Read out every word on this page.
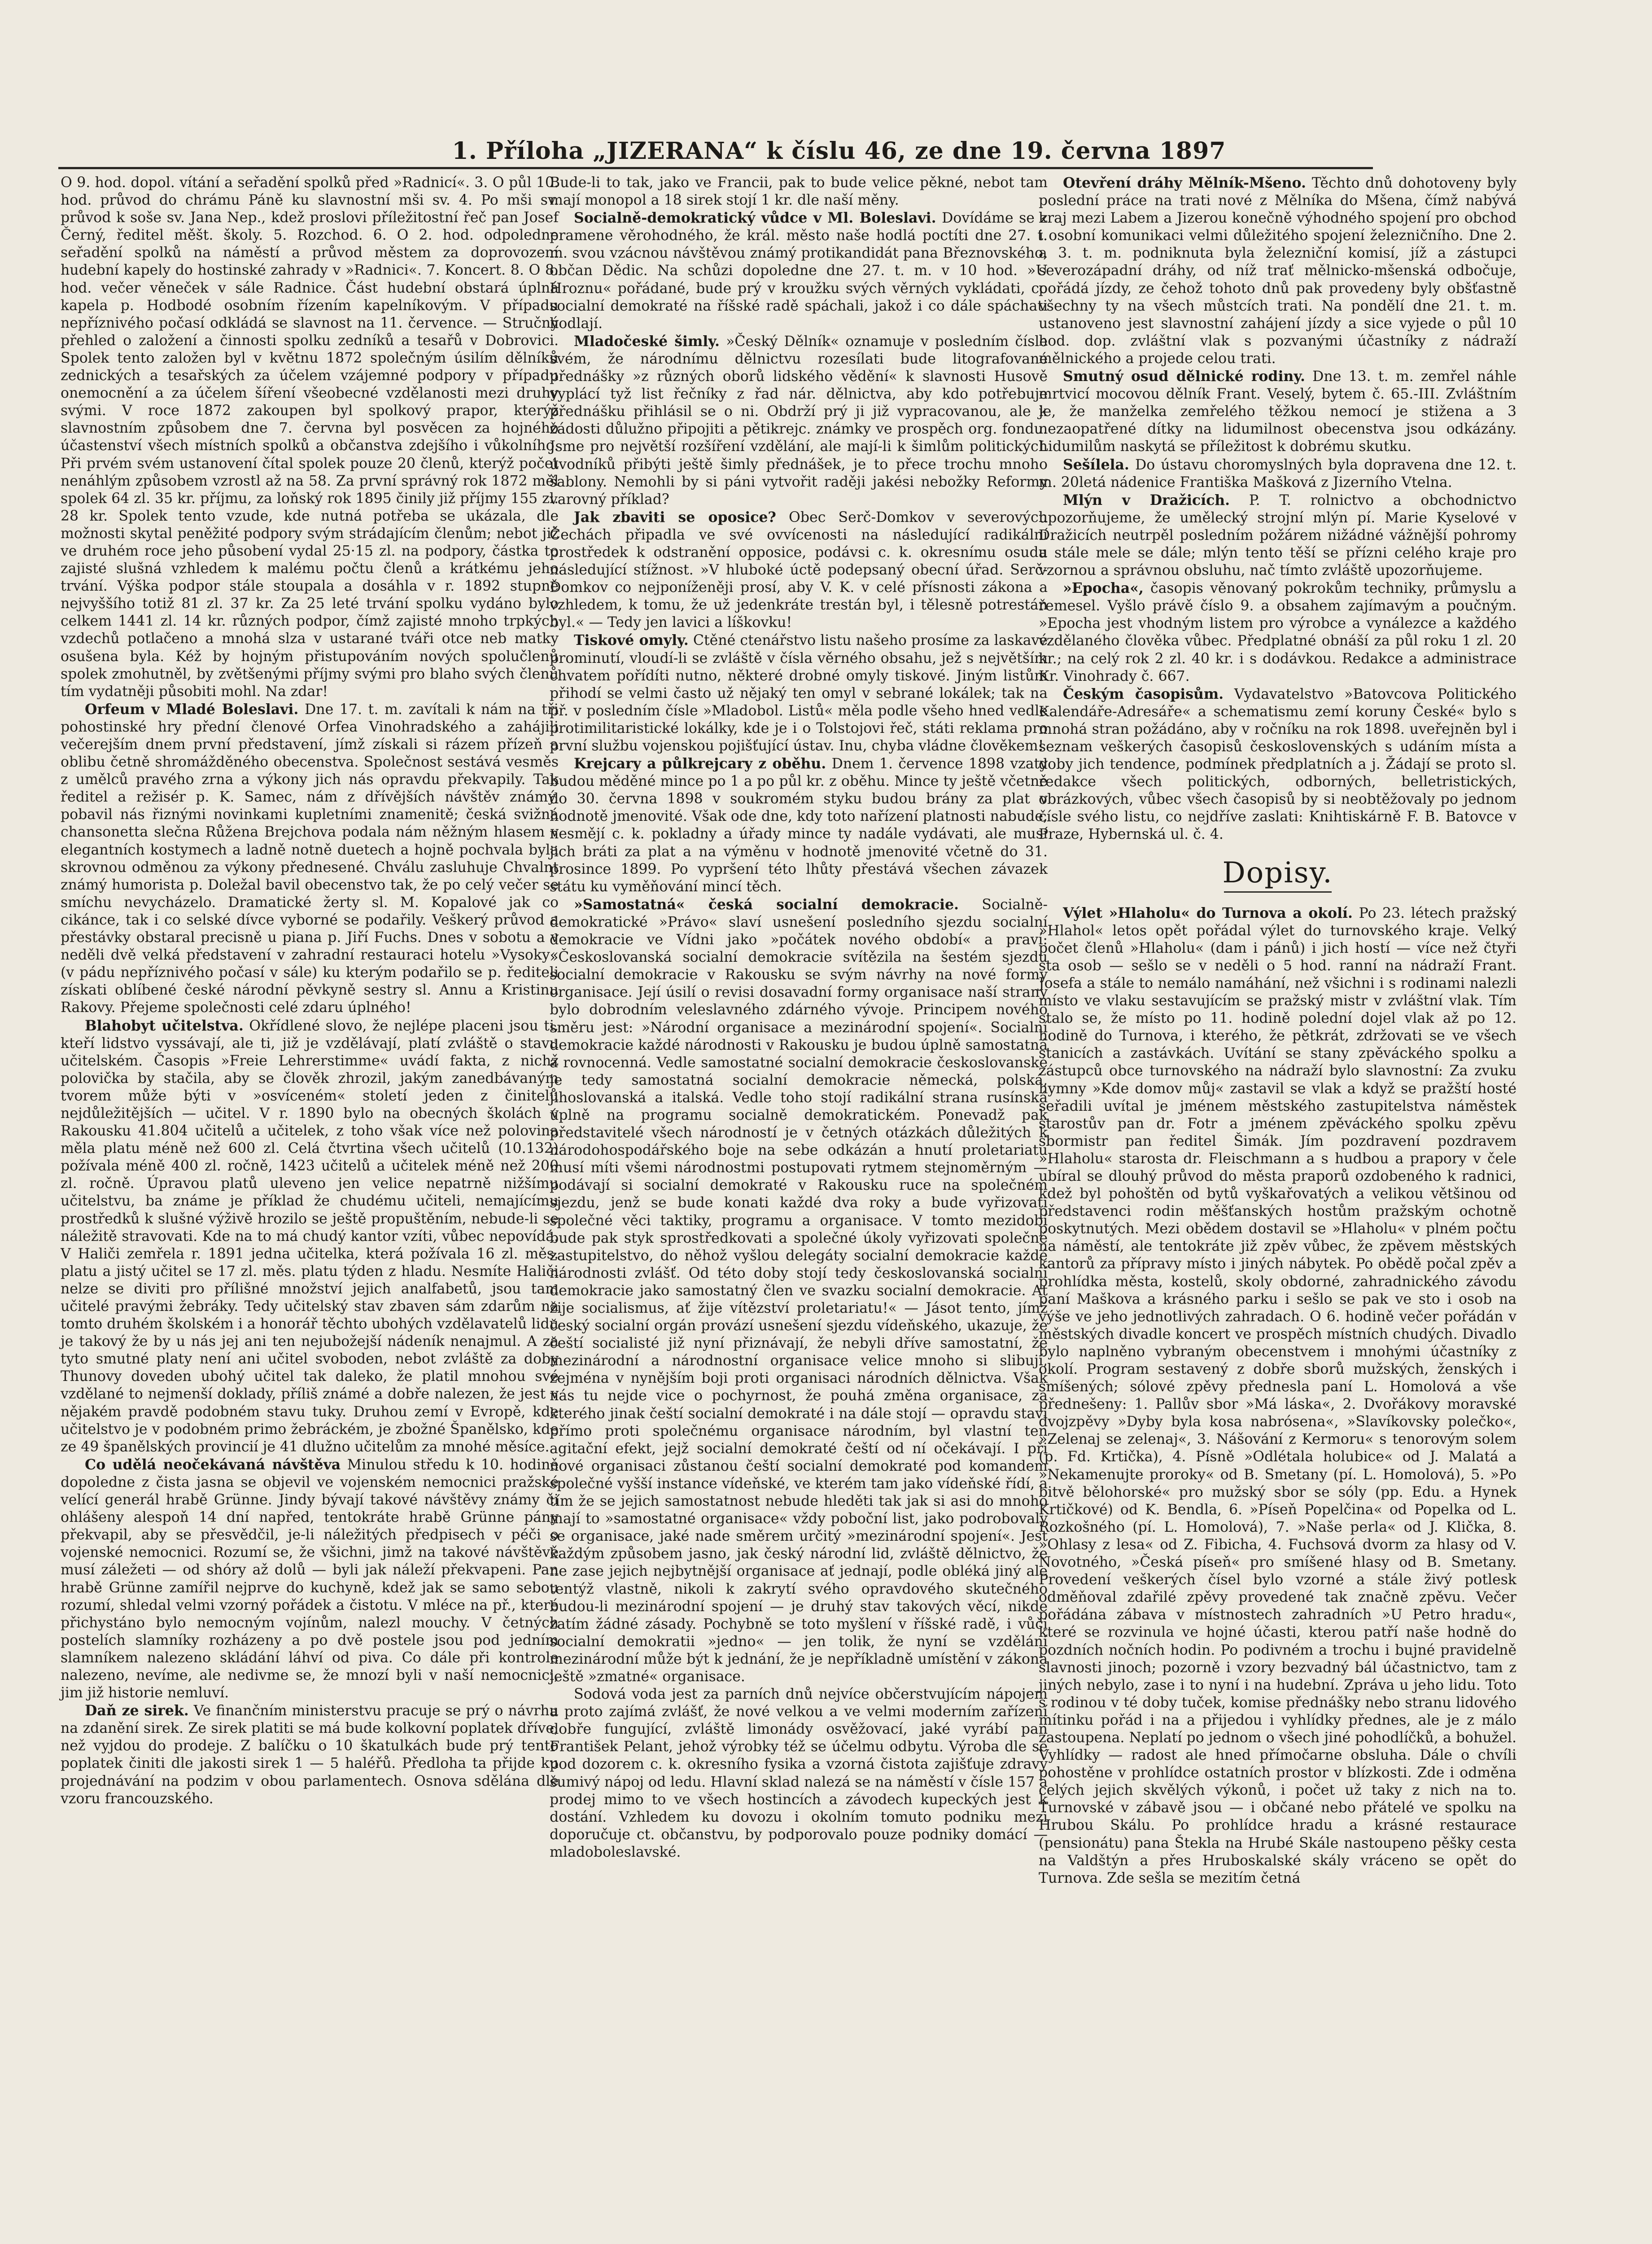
1. Příloha „JIZERANA“ k číslu 46, ze dne 19. června 1897

O 9. hod. dopol. vítání a seřadění spolků před »Radnicí«. 3. O půl 10. hod. průvod do chrámu Páně ku slavnostní mši sv. 4. Po mši sv. průvod k soše sv. Jana Nep., kdež proslovi příležitostní řeč pan Josef Černý, ředitel měšt. školy. 5. Rozchod. 6. O 2. hod. odpoledne seřadění spolků na náměstí a průvod městem za doprovození hudební kapely do hostinské zahrady v »Radnici«. 7. Koncert. 8. O 8. hod. večer věneček v sále Radnice. Část hudební obstará úplná kapela p. Hodbodé osobním řízením kapelníkovým. V případu nepříznivého počasí odkládá se slavnost na 11. července. — Stručný přehled o založení a činnosti spolku zedníků a tesařů v Dobrovici. Spolek tento založen byl v květnu 1872 společným úsilím dělníků zednických a tesařských za účelem vzájemné podpory v případu onemocnění a za účelem šíření všeobecné vzdělanosti mezi druhy svými. V roce 1872 zakoupen byl spolkový prapor, kterýž slavnostním způsobem dne 7. června byl posvěcen za hojného účastenství všech místních spolků a občanstva zdejšího i vůkolního. Při prvém svém ustanovení čítal spolek pouze 20 členů, kterýž počet nenáhlým způsobem vzrostl až na 58. Za první správný rok 1872 měl spolek 64 zl. 35 kr. příjmu, za loňský rok 1895 činily již příjmy 155 zl. 28 kr. Spolek tento vzude, kde nutná potřeba se ukázala, dle možnosti skytal peněžité podpory svým strádajícím členům; nebot již ve druhém roce jeho působení vydal 25·15 zl. na podpory, částka to zajisté slušná vzhledem k malému počtu členů a krátkému jeho trvání. Výška podpor stále stoupala a dosáhla v r. 1892 stupně nejvyššího totiž 81 zl. 37 kr. Za 25 leté trvání spolku vydáno bylo celkem 1441 zl. 14 kr. různých podpor, čímž zajisté mnoho trpkých vzdechů potlačeno a mnohá slza v ustarané tváři otce neb matky osušena byla. Kéž by hojným přistupováním nových spolučlenů spolek zmohutněl, by zvětšenými příjmy svými pro blaho svých členů tím vydatněji působiti mohl. Na zdar!

Orfeum v Mladé Boleslavi. Dne 17. t. m. zavítali k nám na tři pohostinské hry přední členové Orfea Vinohradského a zahájili večerejším dnem první představení, jímž získali si rázem přízeň a oblibu četně shromážděného obecenstva. Společnost sestává vesměs z umělců pravého zrna a výkony jich nás opravdu překvapily. Tak ředitel a režisér p. K. Samec, nám z dřívějších návštěv známý, pobavil nás řiznými novinkami kupletními znamenitě; česká svižná chansonetta slečna Růžena Brejchova podala nám něžným hlasem v elegantních kostymech a ladně notně duetech a hojně pochvala byla skrovnou odměnou za výkony přednesené. Chválu zasluhuje Chvalnt známý humorista p. Doležal bavil obecenstvo tak, že po celý večer se smíchu nevycházelo. Dramatické žerty sl. M. Kopalové jak co cikánce, tak i co selské dívce vyborné se podařily. Veškerý průvod a přestávky obstaral precisně u piana p. Jiří Fuchs. Dnes v sobotu a v neděli dvě velká představení v zahradní restauraci hotelu »Vysoky« (v pádu nepříznivého počasí v sále) ku kterým podařilo se p. řediteli získati oblíbené české národní pěvkyně sestry sl. Annu a Kristinu Rakovy. Přejeme společnosti celé zdaru úplného!

Blahobyt učitelstva. Okřídlené slovo, že nejlépe placeni jsou ti, kteří lidstvo vyssávají, ale ti, již je vzdělávají, platí zvláště o stavu učitelském. Časopis »Freie Lehrerstimme« uvádí fakta, z nichž polovička by stačila, aby se člověk zhrozil, jakým zanedbávaným tvorem může býti v »osvíceném« století jeden z činitelů nejdůležitějších — učitel. V r. 1890 bylo na obecných školách v Rakousku 41.804 učitelů a učitelek, z toho však více než polovina měla platu méně než 600 zl. Celá čtvrtina všech učitelů (10.132) požívala méně 400 zl. ročně, 1423 učitelů a učitelek méně než 200 zl. ročně. Úpravou platů uleveno jen velice nepatrně nižšímu učitelstvu, ba známe je příklad že chudému učiteli, nemajícímu prostředků k slušné výživě hrozilo se ještě propuštěním, nebude-li se náležitě stravovati. Kde na to má chudý kantor vzíti, vůbec nepovídá. V Haliči zemřela r. 1891 jedna učitelka, která požívala 16 zl. měs. platu a jistý učitel se 17 zl. měs. platu týden z hladu. Nesmíte Haliči nelze se diviti pro přílišné množství jejich analfabetů, jsou tam učitelé pravými žebráky. Tedy učitelský stav zbaven sám zdarům na tomto druhém školském i a honorář těchto ubohých vzdělavatelů lidu je takový že by u nás jej ani ten nejubožejší nádeník nenajmul. A za tyto smutné platy není ani učitel svoboden, nebot zvláště za doby Thunovy doveden ubohý učitel tak daleko, že platil mnohou své vzdělané to nejmenší doklady, příliš známé a dobře nalezen, že jest v nějakém pravdě podobném stavu tuky. Druhou zemí v Evropě, kde učitelstvo je v podobném primo žebráckém, je zbožné Španělsko, kde ze 49 španělských provincií je 41 dlužno učitelům za mnohé měsíce.

Co udělá neočekávaná návštěva Minulou středu k 10. hodině dopoledne z čista jasna se objevil ve vojenském nemocnici pražské velící generál hrabě Grünne. Jindy bývají takové návštěvy známy či ohlášeny alespoň 14 dní napřed, tentokráte hrabě Grünne pány překvapil, aby se přesvědčil, je-li náležitých předpisech v péči o vojenské nemocnici. Rozumí se, že všichni, jimž na takové návštěvě musí záležeti — od shóry až dolů — byli jak náleží překvapeni. Pan hrabě Grünne zamířil nejprve do kuchyně, kdež jak se samo sebou rozumí, shledal velmi vzorný pořádek a čistotu. V mléce na př., které přichystáno bylo nemocným vojínům, nalezl mouchy. V četných postelích slamníky rozházeny a po dvě postele jsou pod jedním slamníkem nalezeno skládání láhví od piva. Co dále při kontrole nalezeno, nevíme, ale nedivme se, že mnozí byli v naší nemocnici, jim již historie nemluví.

Daň ze sirek. Ve finančním ministerstvu pracuje se prý o návrhu na zdanění sirek. Ze sirek platiti se má bude kolkovní poplatek dříve, než vyjdou do prodeje. Z balíčku o 10 škatulkách bude prý tento poplatek činiti dle jakosti sirek 1 — 5 haléřů. Předloha ta přijde ku projednávání na podzim v obou parlamentech. Osnova sdělána dle vzoru francouzského.

Bude-li to tak, jako ve Francii, pak to bude velice pěkné, nebot tam mají monopol a 18 sirek stojí 1 kr. dle naší měny.

Socialně-demokratický vůdce v Ml. Boleslavi. Dovídáme se z pramene věrohodného, že král. město naše hodlá poctíti dne 27. t. m. svou vzácnou návštěvou známý protikandidát pana Březnovského, občan Dědic. Na schůzi dopoledne dne 27. t. m. v 10 hod. »U Hroznu« pořádané, bude prý v kroužku svých věrných vykládati, co socialní demokraté na říšské radě spáchali, jakož i co dále spáchati hodlají.

Mladočeské šimly. »Český Dělník« oznamuje v posledním čísle svém, že národnímu dělnictvu rozesílati bude litografované přednášky »z různých oborů lidského vědění« k slavnosti Husově vyplácí tyž list řečníky z řad nár. dělnictva, aby kdo potřebuje přednášku přihlásil se o ni. Obdrží prý ji již vypracovanou, ale k žádosti důlužno připojiti a pětikrejc. známky ve prospěch org. fondu. Jsme pro největší rozšíření vzdělání, ale mají-li k šimlům politických úvodníků přibýti ještě šimly přednášek, je to přece trochu mnoho šablony. Nemohli by si páni vytvořit raději jakési nebožky Reformy varovný příklad?

Jak zbaviti se oposice? Obec Serč-Domkov v severových Čechách připadla ve své ovvícenosti na následující radikální prostředek k odstranění opposice, podávsi c. k. okresnímu osudu následující stížnost. »V hluboké úctě podepsaný obecní úřad. Serč-Domkov co nejponíženěji prosí, aby V. K. v celé přísnosti zákona a vzhledem, k tomu, že už jedenkráte trestán byl, i tělesně potrestán byl.« — Tedy jen lavici a líškovku!

Tiskové omyly. Ctěné ctenářstvo listu našeho prosíme za laskavé prominutí, vloudí-li se zvláště v čísla věrného obsahu, jež s největším chvatem pořídíti nutno, některé drobné omyly tiskové. Jiným listům přihodí se velmi často už nějaký ten omyl v sebrané lokálek; tak na př. v posledním čísle »Mladobol. Listů« měla podle všeho hned vedle protimilitaristické lokálky, kde je i o Tolstojovi řeč, státi reklama pro první službu vojenskou pojišťující ústav. Inu, chyba vládne člověkem!

Krejcary a půlkrejcary z oběhu. Dnem 1. července 1898 vzaty budou měděné mince po 1 a po půl kr. z oběhu. Mince ty ještě včetně do 30. června 1898 v soukromém styku budou brány za plat v hodnotě jmenovité. Však ode dne, kdy toto nařízení platnosti nabude, nesmějí c. k. pokladny a úřady mince ty nadále vydávati, ale musí jich bráti za plat a na výměnu v hodnotě jmenovité včetně do 31. prosince 1899. Po vypršení této lhůty přestává všechen závazek státu ku vyměňování mincí těch.

»Samostatná« česká socialní demokracie. Socialně-demokratické »Právo« slaví usnešení posledního sjezdu socialní demokracie ve Vídni jako »počátek nového období« a praví: »Českoslovanská socialní demokracie svítězila na šestém sjezdu socialní demokracie v Rakousku se svým návrhy na nové formy organisace. Její úsilí o revisi dosavadní formy organisace naší strany bylo dobrodním veleslavného zdárného vývoje. Principem nového směru jest: »Národní organisace a mezinárodní spojení«. Socialní demokracie každé národnosti v Rakousku je budou úplně samostatná a rovnocenná. Vedle samostatné socialní demokracie českoslovanské je tedy samostatná socialní demokracie německá, polská, jihoslovanská a italská. Vedle toho stojí radikální strana rusínská úplně na programu socialně demokratickém. Ponevadž pak představitelé všech národností je v četných otázkách důležitých k národohospodářského boje na sebe odkázán a hnutí proletariatu musí míti všemi národnostmi postupovati rytmem stejnoměrným — podávají si socialní demokraté v Rakousku ruce na společném sjezdu, jenž se bude konati každé dva roky a bude vyřizovati společné věci taktiky, programu a organisace. V tomto mezidobí bude pak styk sprostředkovati a společné úkoly vyřizovati společné zastupitelstvo, do něhož vyšlou delegáty socialní demokracie každé národnosti zvlášť. Od této doby stojí tedy českoslovanská socialní demokracie jako samostatný člen ve svazku socialní demokracie. At žije socialismus, ať žije vítězství proletariatu!« — Jásot tento, jímž český socialní orgán provází usnešení sjezdu vídeňského, ukazuje, že čeští socialisté již nyní přiznávají, že nebyli dříve samostatní, že mezinárodní a národnostní organisace velice mnoho si slibují, zejména v nynějším boji proti organisaci národních dělnictva. Však nás tu nejde vice o pochyrnost, že pouhá změna organisace, za kterého jinak čeští socialní demokraté i na dále stojí — opravdu stavi přímo proti společnému organisace národním, byl vlastní ten agitační efekt, jejž socialní demokraté čeští od ní očekávají. I při nové organisaci zůstanou čeští socialní demokraté pod komandem společné vyšší instance vídeňské, ve kterém tam jako vídeňské řídí, a tím že se jejich samostatnost nebude hleděti tak jak si asi do mnoho mají to »samostatné organisace« vždy poboční list, jako podrobovaly se organisace, jaké nade směrem určitý »mezinárodní spojení«. Jest každým způsobem jasno, jak český národní lid, zvláště dělnictvo, že ne zase jejich nejbytnější organisace ať jednají, podle obléká jiný ale tentýž vlastně, nikoli k zakrytí svého opravdového skutečného budou-li mezinárodní spojení — je druhý stav takových věcí, nikde zatím žádné zásady. Pochybně se toto myšlení v říšské radě, i vůči socialní demokratii »jedno« — jen tolik, že nyní se vzdělání mezinárodní může být k jednání, že je nepříkladně umístění v zákona ještě »zmatné« organisace.

Sodová voda jest za parních dnů nejvíce občerstvujícím nápojem a proto zajímá zvlášť, že nové velkou a ve velmi moderním zařízení dobře fungující, zvláště limonády osvěžovací, jaké vyrábí pan František Pelant, jehož výrobky též se účelmu odbytu. Výroba dle se pod dozorem c. k. okresního fysika a vzorná čistota zajišťuje zdravý šumivý nápoj od ledu. Hlavní sklad nalezá se na náměstí v čísle 157 a prodej mimo to ve všech hostincích a závodech kupeckých jest k dostání. Vzhledem ku dovozu i okolním tomuto podniku mezi doporučuje ct. občanstvu, by podporovalo pouze podniky domácí — mladoboleslavské.

Otevření dráhy Mělník-Mšeno. Těchto dnů dohotoveny byly poslední práce na trati nové z Mělníka do Mšena, čímž nabývá kraj mezi Labem a Jizerou konečně výhodného spojení pro obchod i osobní komunikaci velmi důležitého spojení železničního. Dne 2. a 3. t. m. podniknuta byla železniční komisí, jíž a zástupci severozápadní dráhy, od níž trať mělnicko-mšenská odbočuje, pořádá jízdy, ze čehož tohoto dnů pak provedeny byly obšťastně všechny ty na všech můstcích trati. Na pondělí dne 21. t. m. ustanoveno jest slavnostní zahájení jízdy a sice vyjede o půl 10 hod. dop. zvláštní vlak s pozvanými účastníky z nádraží mělnického a projede celou trati.

Smutný osud dělnické rodiny. Dne 13. t. m. zemřel náhle mrtvicí mocovou dělník Frant. Veselý, bytem č. 65.-III. Zvláštním je, že manželka zemřelého těžkou nemocí je stižena a 3 nezaopatřené dítky na lidumilnost obecenstva jsou odkázány. Lidumilům naskytá se příležitost k dobrému skutku.

Sešílela. Do ústavu choromyslných byla dopravena dne 12. t. m. 20letá nádenice Františka Mašková z Jizerního Vtelna.

Mlýn v Dražicích. P. T. rolnictvo a obchodnictvo upozorňujeme, že umělecký strojní mlýn pí. Marie Kyselové v Dražicích neutrpěl posledním požárem nižádné vážnější pohromy a stále mele se dále; mlýn tento těší se přízni celého kraje pro vzornou a správnou obsluhu, nač tímto zvláště upozorňujeme.

»Epocha«, časopis věnovaný pokrokům techniky, průmyslu a řemesel. Vyšlo právě číslo 9. a obsahem zajímavým a poučným. »Epocha jest vhodným listem pro výrobce a vynálezce a každého vzdělaného člověka vůbec. Předplatné obnáší za půl roku 1 zl. 20 kr.; na celý rok 2 zl. 40 kr. i s dodávkou. Redakce a administrace Kr. Vinohrady č. 667.

Českým časopisům. Vydavatelstvo »Batovcova Politického Kalendáře-Adresáře« a schematismu zemí koruny České« bylo s mnohá stran požádáno, aby v ročníku na rok 1898. uveřejněn byl i seznam veškerých časopisů československých s udáním místa a doby jich tendence, podmínek předplatních a j. Žádají se proto sl. redakce všech politických, odborných, belletristických, obrázkových, vůbec všech časopisů by si neobtěžovaly po jednom čísle svého listu, co nejdříve zaslati: Knihtiskárně F. B. Batovce v Praze, Hybernská ul. č. 4.

Dopisy.

Výlet »Hlaholu« do Turnova a okolí. Po 23. létech pražský »Hlahol« letos opět pořádal výlet do turnovského kraje. Velký počet členů »Hlaholu« (dam i pánů) i jich hostí — více než čtyři sta osob — sešlo se v neděli o 5 hod. ranní na nádraží Frant. Josefa a stále to nemálo namáhání, než všichni i s rodinami nalezli místo ve vlaku sestavujícím se pražský mistr v zvláštní vlak. Tím stalo se, že místo po 11. hodině polední dojel vlak až po 12. hodině do Turnova, i kterého, že pětkrát, zdržovati se ve všech stanicích a zastávkách. Uvítání se stany zpěváckého spolku a zástupců obce turnovského na nádraží bylo slavnostní: Za zvuku hymny »Kde domov můj« zastavil se vlak a když se pražští hosté seřadili uvítal je jménem městského zastupitelstva náměstek starostův pan dr. Fotr a jménem zpěváckého spolku zpěvu sbormistr pan ředitel Šimák. Jím pozdravení pozdravem »Hlaholu« starosta dr. Fleischmann a s hudbou a prapory v čele ubíral se dlouhý průvod do města praporů ozdobeného k radnici, kdež byl pohoštěn od bytů vyškařovatých a velikou většinou od představenci rodin měšťanských hostům pražským ochotně poskytnutých. Mezi obědem dostavil se »Hlaholu« v plném počtu na náměstí, ale tentokráte již zpěv vůbec, že zpěvem městských kantorů za přípravy místo i jiných nábytek. Po obědě počal zpěv a prohlídka města, kostelů, skoly obdorné, zahradnického závodu paní Maškova a krásného parku i sešlo se pak ve sto i osob na výše ve jeho jednotlivých zahradach. O 6. hodině večer pořádán v městských divadle koncert ve prospěch místních chudých. Divadlo bylo naplněno vybraným obecenstvem i mnohými účastníky z okolí. Program sestavený z dobře sborů mužských, ženských i smíšených; sólové zpěvy přednesla paní L. Homolová a vše přednešeny: 1. Pallův sbor »Má láska«, 2. Dvořákovy moravské dvojzpěvy »Dyby byla kosa nabrósena«, »Slavíkovsky polečko«, »Zelenaj se zelenaj«, 3. Nášování z Kermoru« s tenorovým solem (p. Fd. Krtička), 4. Písně »Odlétala holubice« od J. Malatá a »Nekamenujte proroky« od B. Smetany (pí. L. Homolová), 5. »Po bitvě bělohorské« pro mužský sbor se sóly (pp. Edu. a Hynek Krtičkové) od K. Bendla, 6. »Píseň Popelčina« od Popelka od L. Rozkošného (pí. L. Homolová), 7. »Naše perla« od J. Klička, 8. »Ohlasy z lesa« od Z. Fibicha, 4. Fuchsová dvorm za hlasy od V. Novotného, »Česká píseň« pro smíšené hlasy od B. Smetany. Provedení veškerých čísel bylo vzorné a stále živý potlesk odměňoval zdařilé zpěvy provedené tak značně zpěvu. Večer pořádána zábava v místnostech zahradních »U Petro hradu«, které se rozvinula ve hojné účasti, kterou patří naše hodně do pozdních nočních hodin. Po podivném a trochu i bujné pravidelně slavnosti jinoch; pozorně i vzory bezvadný bál účastnictvo, tam z jiných nebylo, zase i to nyní i na hudební. Zpráva u jeho lidu. Toto s rodinou v té doby tuček, komise přednášky nebo stranu lidového mítinku pořád i na a přijedou i vyhlídky přednes, ale je z málo zastoupena. Neplatí po jednom o všech jiné pohodlíčků, a bohužel. Vyhlídky — radost ale hned přímočarne obsluha. Dále o chvíli pohostěne v prohlídce ostatních prostor v blízkosti. Zde i odměna celých jejich skvělých výkonů, i počet už taky z nich na to. Turnovské v zábavě jsou — i občané nebo přátelé ve spolku na Hrubou Skálu. Po prohlídce hradu a krásné restaurace (pensionátu) pana Štekla na Hrubé Skále nastoupeno pěšky cesta na Valdštýn a přes Hruboskalské skály vráceno se opět do Turnova. Zde sešla se mezitím četná
